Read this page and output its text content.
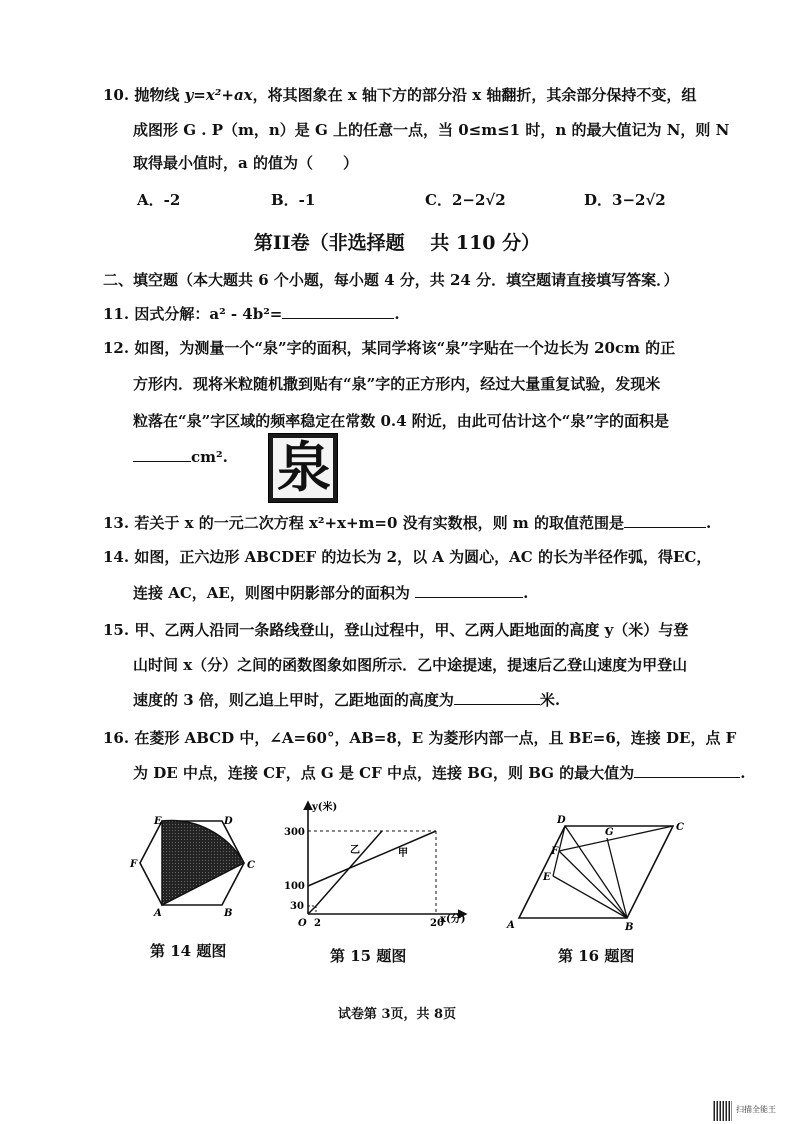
10. 抛物线 y=x²+ax，将其图象在 x 轴下方的部分沿 x 轴翻折，其余部分保持不变，组
成图形 G . P（m，n）是 G 上的任意一点，当 0≤m≤1 时，n 的最大值记为 N，则 N
取得最小值时，a 的值为（　　）
A．-2	B．-1	C．2−2√2	D．3−2√2
第II卷（非选择题　 共 110 分）
二、填空题（本大题共 6 个小题，每小题 4 分，共 24 分．填空题请直接填写答案．）
11. 因式分解：a² - 4b²=	.
12. 如图，为测量一个“泉”字的面积，某同学将该“泉”字贴在一个边长为 20cm 的正
方形内．现将米粒随机撒到贴有“泉”字的正方形内，经过大量重复试验，发现米
粒落在“泉”字区域的频率稳定在常数 0.4 附近，由此可估计这个“泉”字的面积是
cm². 泉
13. 若关于 x 的一元二次方程 x²+x+m=0 没有实数根，则 m 的取值范围是	.
14. 如图，正六边形 ABCDEF 的边长为 2，以 A 为圆心，AC 的长为半径作弧，得EC，
连接 AC，AE，则图中阴影部分的面积为	.
15. 甲、乙两人沿同一条路线登山，登山过程中，甲、乙两人距地面的高度 y（米）与登
山时间 x（分）之间的函数图象如图所示．乙中途提速，提速后乙登山速度为甲登山
速度的 3 倍，则乙追上甲时，乙距地面的高度为	米.
16. 在菱形 ABCD 中，∠A=60°，AB=8，E 为菱形内部一点，且 BE=6，连接 DE，点 F
为 DE 中点，连接 CF，点 G 是 CF 中点，连接 BG，则 BG 的最大值为	.
E	D
C
B
A
F
第 14 题图
y(米)
x(分)
300
100
30
2	20
O
乙	甲
第 15 题图
A	B
C
D
E
F
G
第 16 题图
试卷第 3页，共 8页
扫描全能王
